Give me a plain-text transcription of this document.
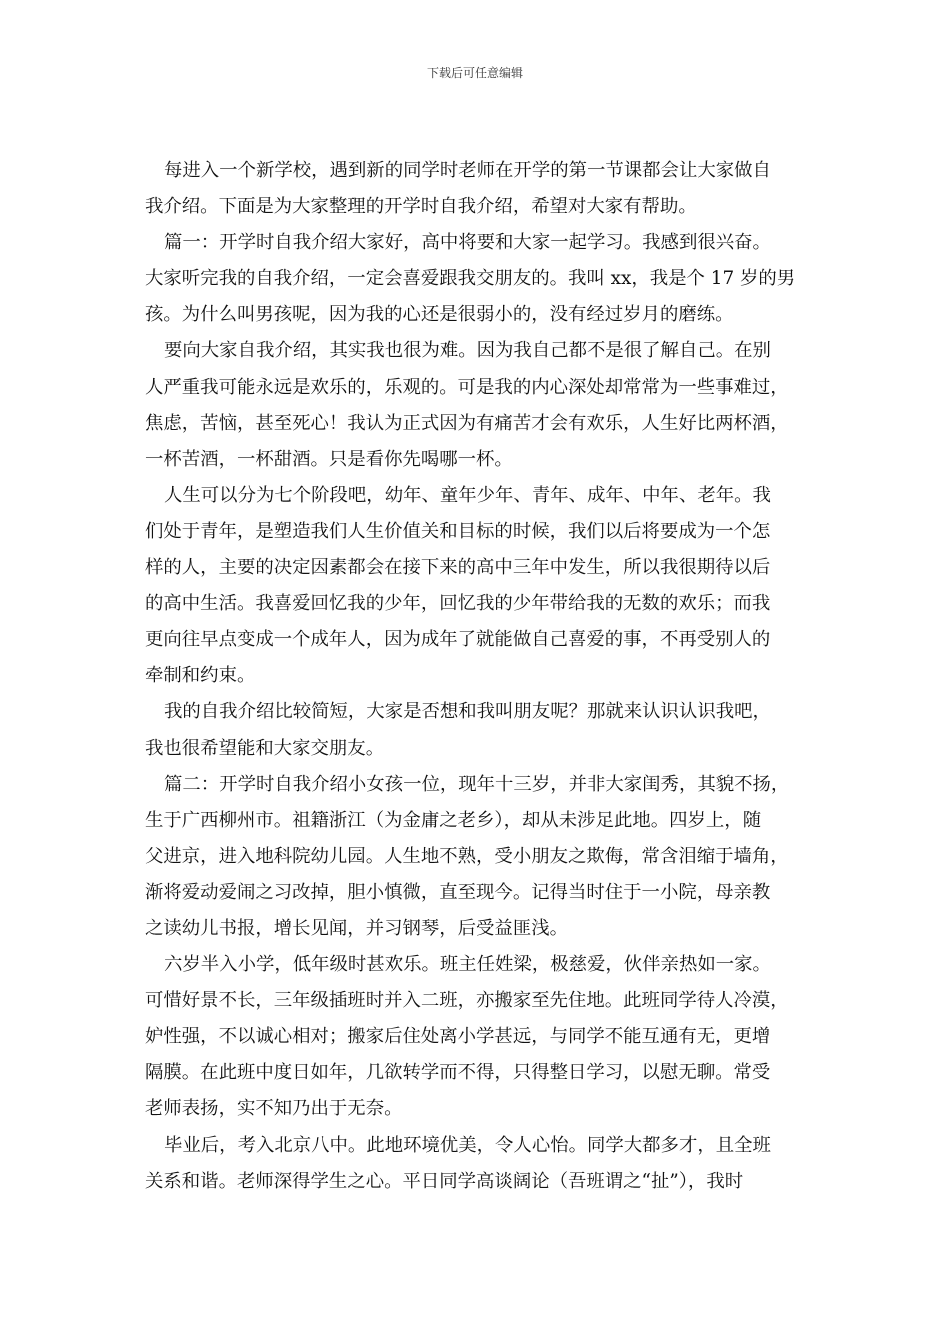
下载后可任意编辑
每进入一个新学校，遇到新的同学时老师在开学的第一节课都会让大家做自
我介绍。下面是为大家整理的开学时自我介绍，希望对大家有帮助。
篇一：开学时自我介绍大家好，高中将要和大家一起学习。我感到很兴奋。
大家听完我的自我介绍，一定会喜爱跟我交朋友的。我叫 xx，我是个 17 岁的男
孩。为什么叫男孩呢，因为我的心还是很弱小的，没有经过岁月的磨练。
要向大家自我介绍，其实我也很为难。因为我自己都不是很了解自己。在别
人严重我可能永远是欢乐的，乐观的。可是我的内心深处却常常为一些事难过，
焦虑，苦恼，甚至死心！我认为正式因为有痛苦才会有欢乐，人生好比两杯酒，
一杯苦酒，一杯甜酒。只是看你先喝哪一杯。
人生可以分为七个阶段吧，幼年、童年少年、青年、成年、中年、老年。我
们处于青年，是塑造我们人生价值关和目标的时候，我们以后将要成为一个怎
样的人，主要的决定因素都会在接下来的高中三年中发生，所以我很期待以后
的高中生活。我喜爱回忆我的少年，回忆我的少年带给我的无数的欢乐；而我
更向往早点变成一个成年人，因为成年了就能做自己喜爱的事，不再受别人的
牵制和约束。
我的自我介绍比较简短，大家是否想和我叫朋友呢？那就来认识认识我吧，
我也很希望能和大家交朋友。
篇二：开学时自我介绍小女孩一位，现年十三岁，并非大家闺秀，其貌不扬，
生于广西柳州市。祖籍浙江（为金庸之老乡），却从未涉足此地。四岁上，随
父进京，进入地科院幼儿园。人生地不熟，受小朋友之欺侮，常含泪缩于墙角，
渐将爱动爱闹之习改掉，胆小慎微，直至现今。记得当时住于一小院，母亲教
之读幼儿书报，增长见闻，并习钢琴，后受益匪浅。
六岁半入小学，低年级时甚欢乐。班主任姓梁，极慈爱，伙伴亲热如一家。
可惜好景不长，三年级插班时并入二班，亦搬家至先住地。此班同学待人冷漠，
妒性强，不以诚心相对；搬家后住处离小学甚远，与同学不能互通有无，更增
隔膜。在此班中度日如年，几欲转学而不得，只得整日学习，以慰无聊。常受
老师表扬，实不知乃出于无奈。
毕业后，考入北京八中。此地环境优美，令人心怡。同学大都多才，且全班
关系和谐。老师深得学生之心。平日同学高谈阔论（吾班谓之“扯”），我时
